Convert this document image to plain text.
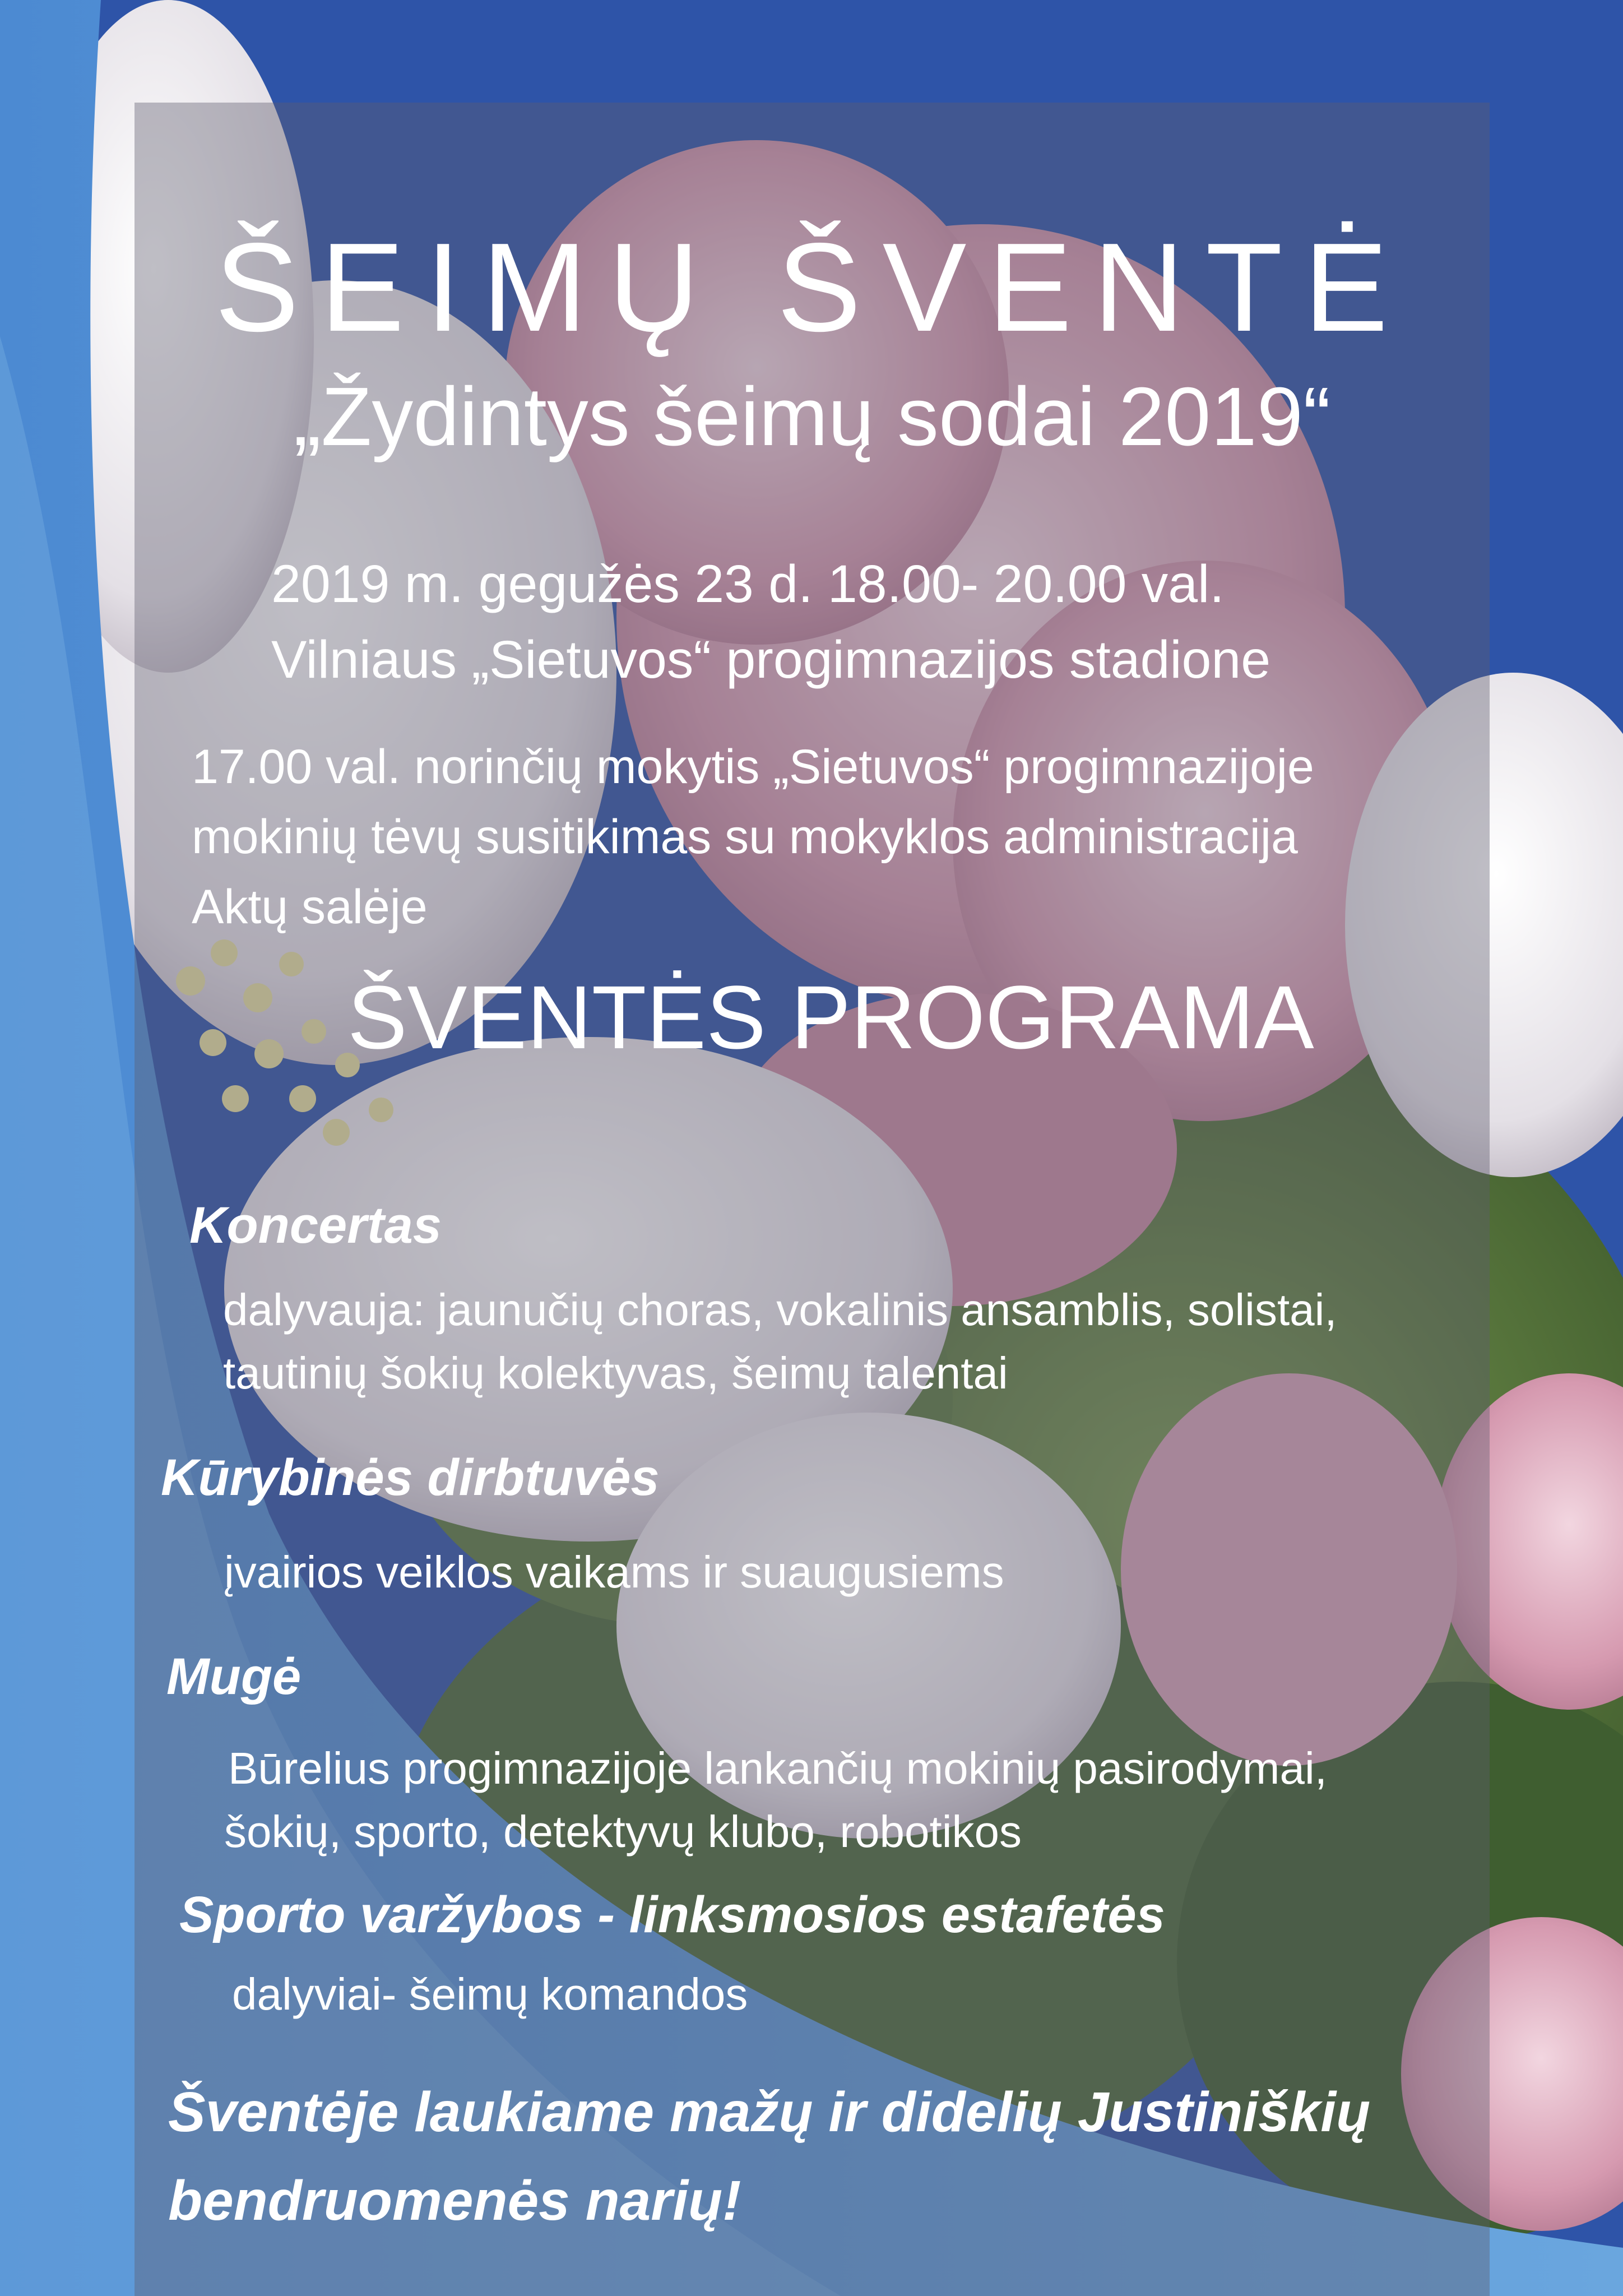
ŠEIMŲ ŠVENTĖ
„Žydintys šeimų sodai 2019“
2019 m. gegužės 23 d. 18.00- 20.00 val.
Vilniaus „Sietuvos“ progimnazijos stadione
17.00 val. norinčių mokytis „Sietuvos“ progimnazijoje
mokinių tėvų susitikimas su mokyklos administracija
Aktų salėje
ŠVENTĖS PROGRAMA
Koncertas
dalyvauja: jaunučių choras, vokalinis ansamblis, solistai,
tautinių šokių kolektyvas, šeimų talentai
Kūrybinės dirbtuvės
įvairios veiklos vaikams ir suaugusiems
Mugė
Būrelius progimnazijoje lankančių mokinių pasirodymai,
šokių, sporto, detektyvų klubo, robotikos
Sporto varžybos - linksmosios estafetės
dalyviai- šeimų komandos
Šventėje laukiame mažų ir didelių Justiniškių
bendruomenės narių!
